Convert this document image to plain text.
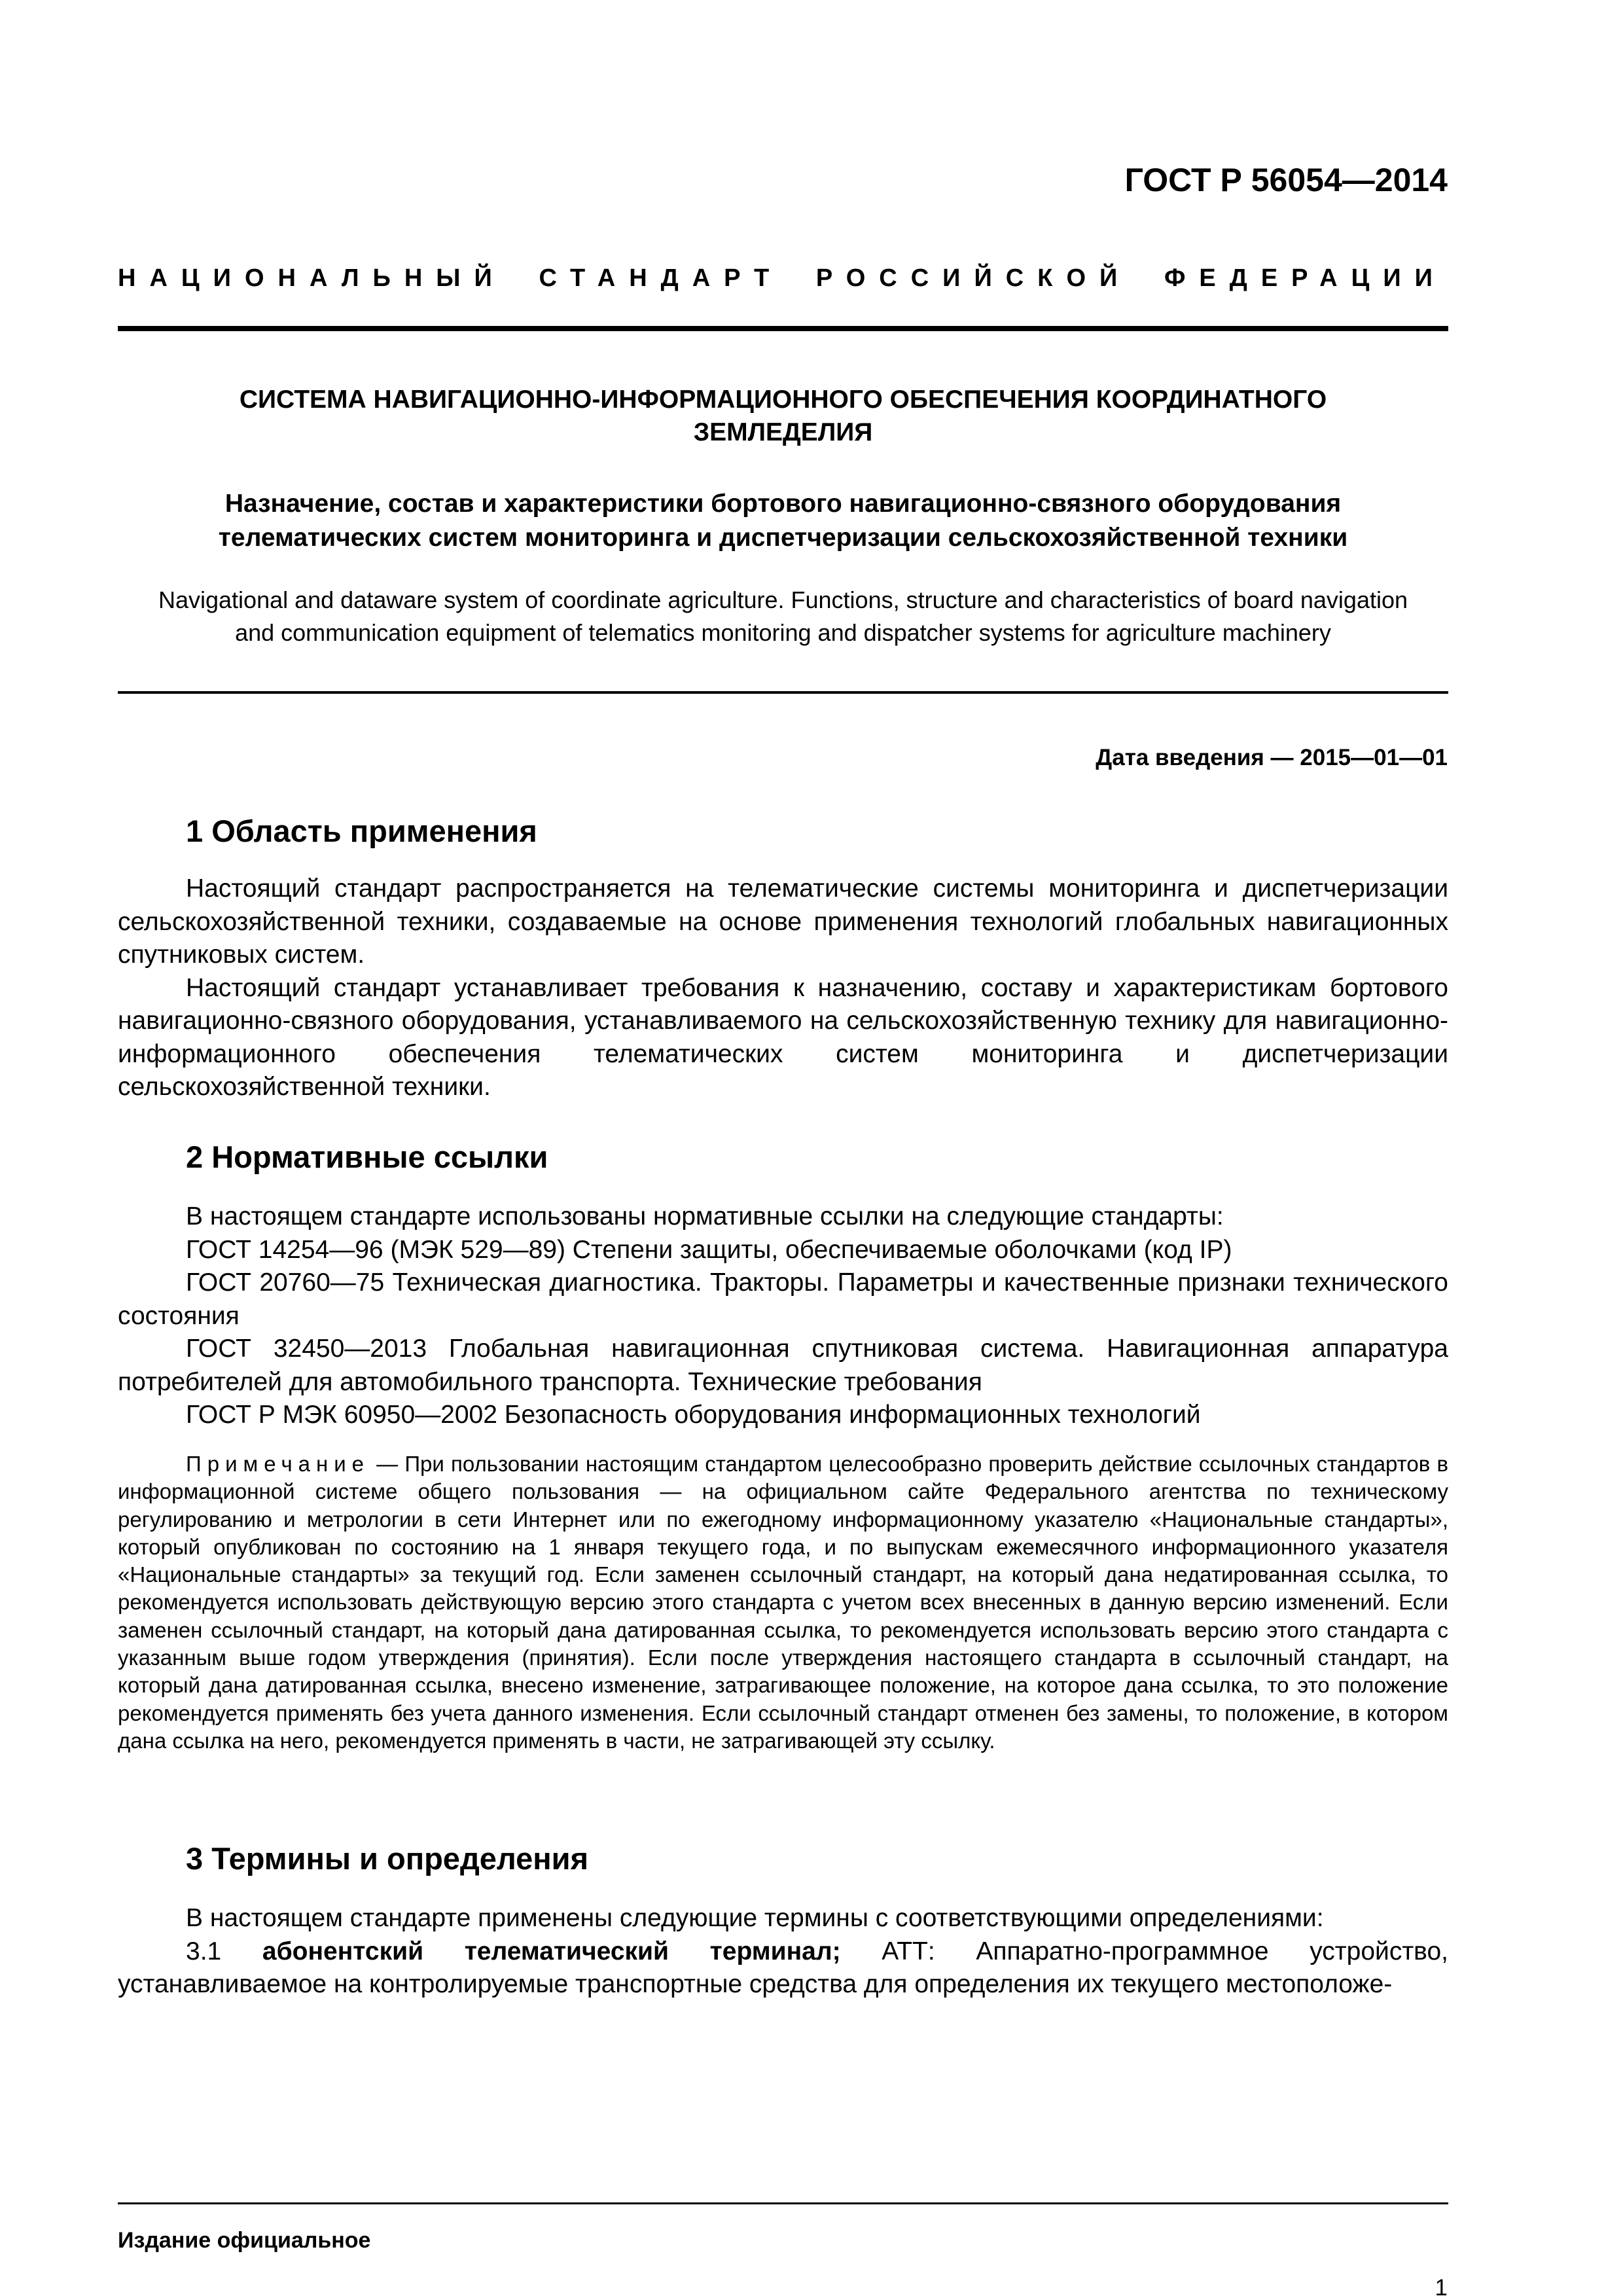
ГОСТ Р 56054—2014
НАЦИОНАЛЬНЫЙ СТАНДАРТ РОССИЙСКОЙ ФЕДЕРАЦИИ
СИСТЕМА НАВИГАЦИОННО-ИНФОРМАЦИОННОГО ОБЕСПЕЧЕНИЯ КООРДИНАТНОГО
ЗЕМЛЕДЕЛИЯ
Назначение, состав и характеристики бортового навигационно-связного оборудования
телематических систем мониторинга и диспетчеризации сельскохозяйственной техники
Navigational and dataware system of coordinate agriculture. Functions, structure and characteristics of board navigation
and communication equipment of telematics monitoring and dispatcher systems for agriculture machinery
Дата введения — 2015—01—01
1 Область применения

Настоящий стандарт распространяется на телематические системы мониторинга и диспетчеризации сельскохозяйственной техники, создаваемые на основе применения технологий глобальных навигационных спутниковых систем.

Настоящий стандарт устанавливает требования к назначению, составу и характеристикам бортового навигационно-связного оборудования, устанавливаемого на сельскохозяйственную технику для навигационно-информационного обеспечения телематических систем мониторинга и диспетчеризации сельскохозяйственной техники.

2 Нормативные ссылки

В настоящем стандарте использованы нормативные ссылки на следующие стандарты:

ГОСТ 14254—96 (МЭК 529—89) Степени защиты, обеспечиваемые оболочками (код IP)

ГОСТ 20760—75 Техническая диагностика. Тракторы. Параметры и качественные признаки технического состояния

ГОСТ 32450—2013 Глобальная навигационная спутниковая система. Навигационная аппаратура потребителей для автомобильного транспорта. Технические требования

ГОСТ Р МЭК 60950—2002 Безопасность оборудования информационных технологий

Примечание — При пользовании настоящим стандартом целесообразно проверить действие ссылочных стандартов в информационной системе общего пользования — на официальном сайте Федерального агентства по техническому регулированию и метрологии в сети Интернет или по ежегодному информационному указателю «Национальные стандарты», который опубликован по состоянию на 1 января текущего года, и по выпускам ежемесячного информационного указателя «Национальные стандарты» за текущий год. Если заменен ссылочный стандарт, на который дана недатированная ссылка, то рекомендуется использовать действующую версию этого стандарта с учетом всех внесенных в данную версию изменений. Если заменен ссылочный стандарт, на который дана датированная ссылка, то рекомендуется использовать версию этого стандарта с указанным выше годом утверждения (принятия). Если после утверждения настоящего стандарта в ссылочный стандарт, на который дана датированная ссылка, внесено изменение, затрагивающее положение, на которое дана ссылка, то это положение рекомендуется применять без учета данного изменения. Если ссылочный стандарт отменен без замены, то положение, в котором дана ссылка на него, рекомендуется применять в части, не затрагивающей эту ссылку.

3 Термины и определения

В настоящем стандарте применены следующие термины с соответствующими определениями:

3.1 абонентский телематический терминал; АТТ: Аппаратно-программное устройство, устанавливаемое на контролируемые транспортные средства для определения их текущего местоположе-

Издание официальное
1
